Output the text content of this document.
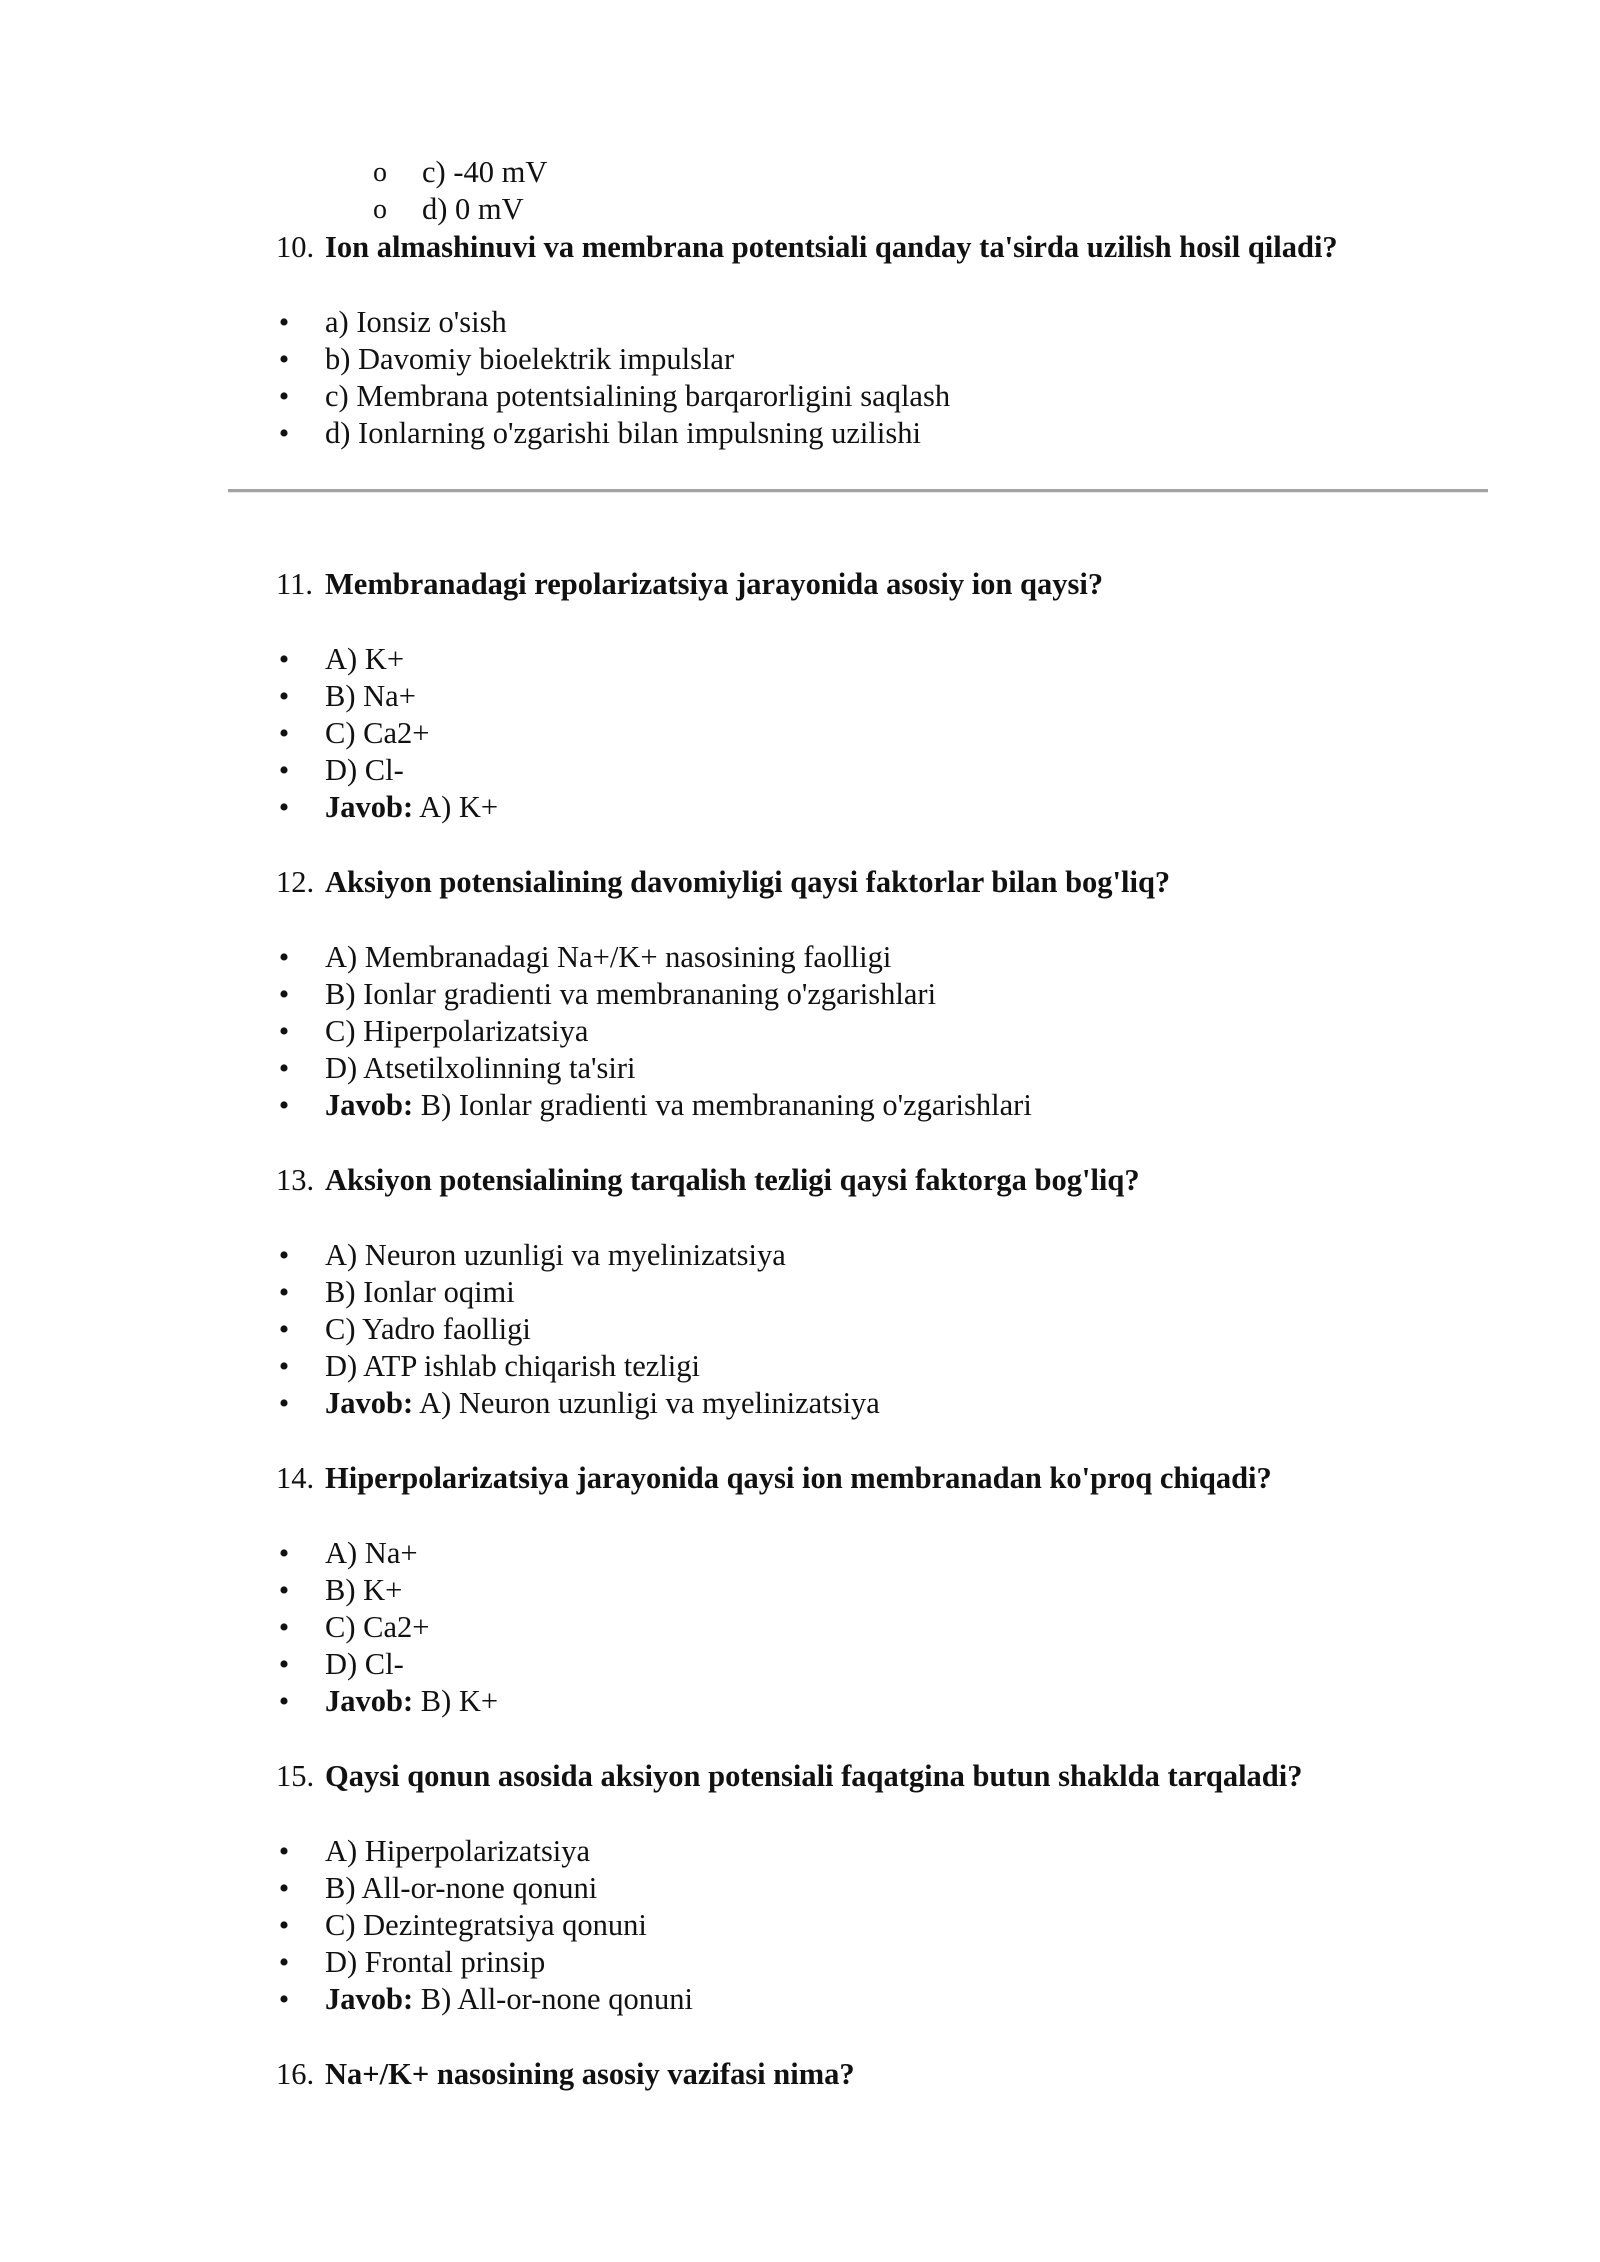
o c) -40 mV
o d) 0 mV
10. Ion almashinuvi va membrana potentsiali qanday ta'sirda uzilish hosil qiladi?
• a) Ionsiz o'sish
• b) Davomiy bioelektrik impulslar
• c) Membrana potentsialining barqarorligini saqlash
• d) Ionlarning o'zgarishi bilan impulsning uzilishi
11. Membranadagi repolarizatsiya jarayonida asosiy ion qaysi?
• A) K+
• B) Na+
• C) Ca2+
• D) Cl-
• Javob: A) K+
12. Aksiyon potensialining davomiyligi qaysi faktorlar bilan bog'liq?
• A) Membranadagi Na+/K+ nasosining faolligi
• B) Ionlar gradienti va membrananing o'zgarishlari
• C) Hiperpolarizatsiya
• D) Atsetilxolinning ta'siri
• Javob: B) Ionlar gradienti va membrananing o'zgarishlari
13. Aksiyon potensialining tarqalish tezligi qaysi faktorga bog'liq?
• A) Neuron uzunligi va myelinizatsiya
• B) Ionlar oqimi
• C) Yadro faolligi
• D) ATP ishlab chiqarish tezligi
• Javob: A) Neuron uzunligi va myelinizatsiya
14. Hiperpolarizatsiya jarayonida qaysi ion membranadan ko'proq chiqadi?
• A) Na+
• B) K+
• C) Ca2+
• D) Cl-
• Javob: B) K+
15. Qaysi qonun asosida aksiyon potensiali faqatgina butun shaklda tarqaladi?
• A) Hiperpolarizatsiya
• B) All-or-none qonuni
• C) Dezintegratsiya qonuni
• D) Frontal prinsip
• Javob: B) All-or-none qonuni
16. Na+/K+ nasosining asosiy vazifasi nima?
